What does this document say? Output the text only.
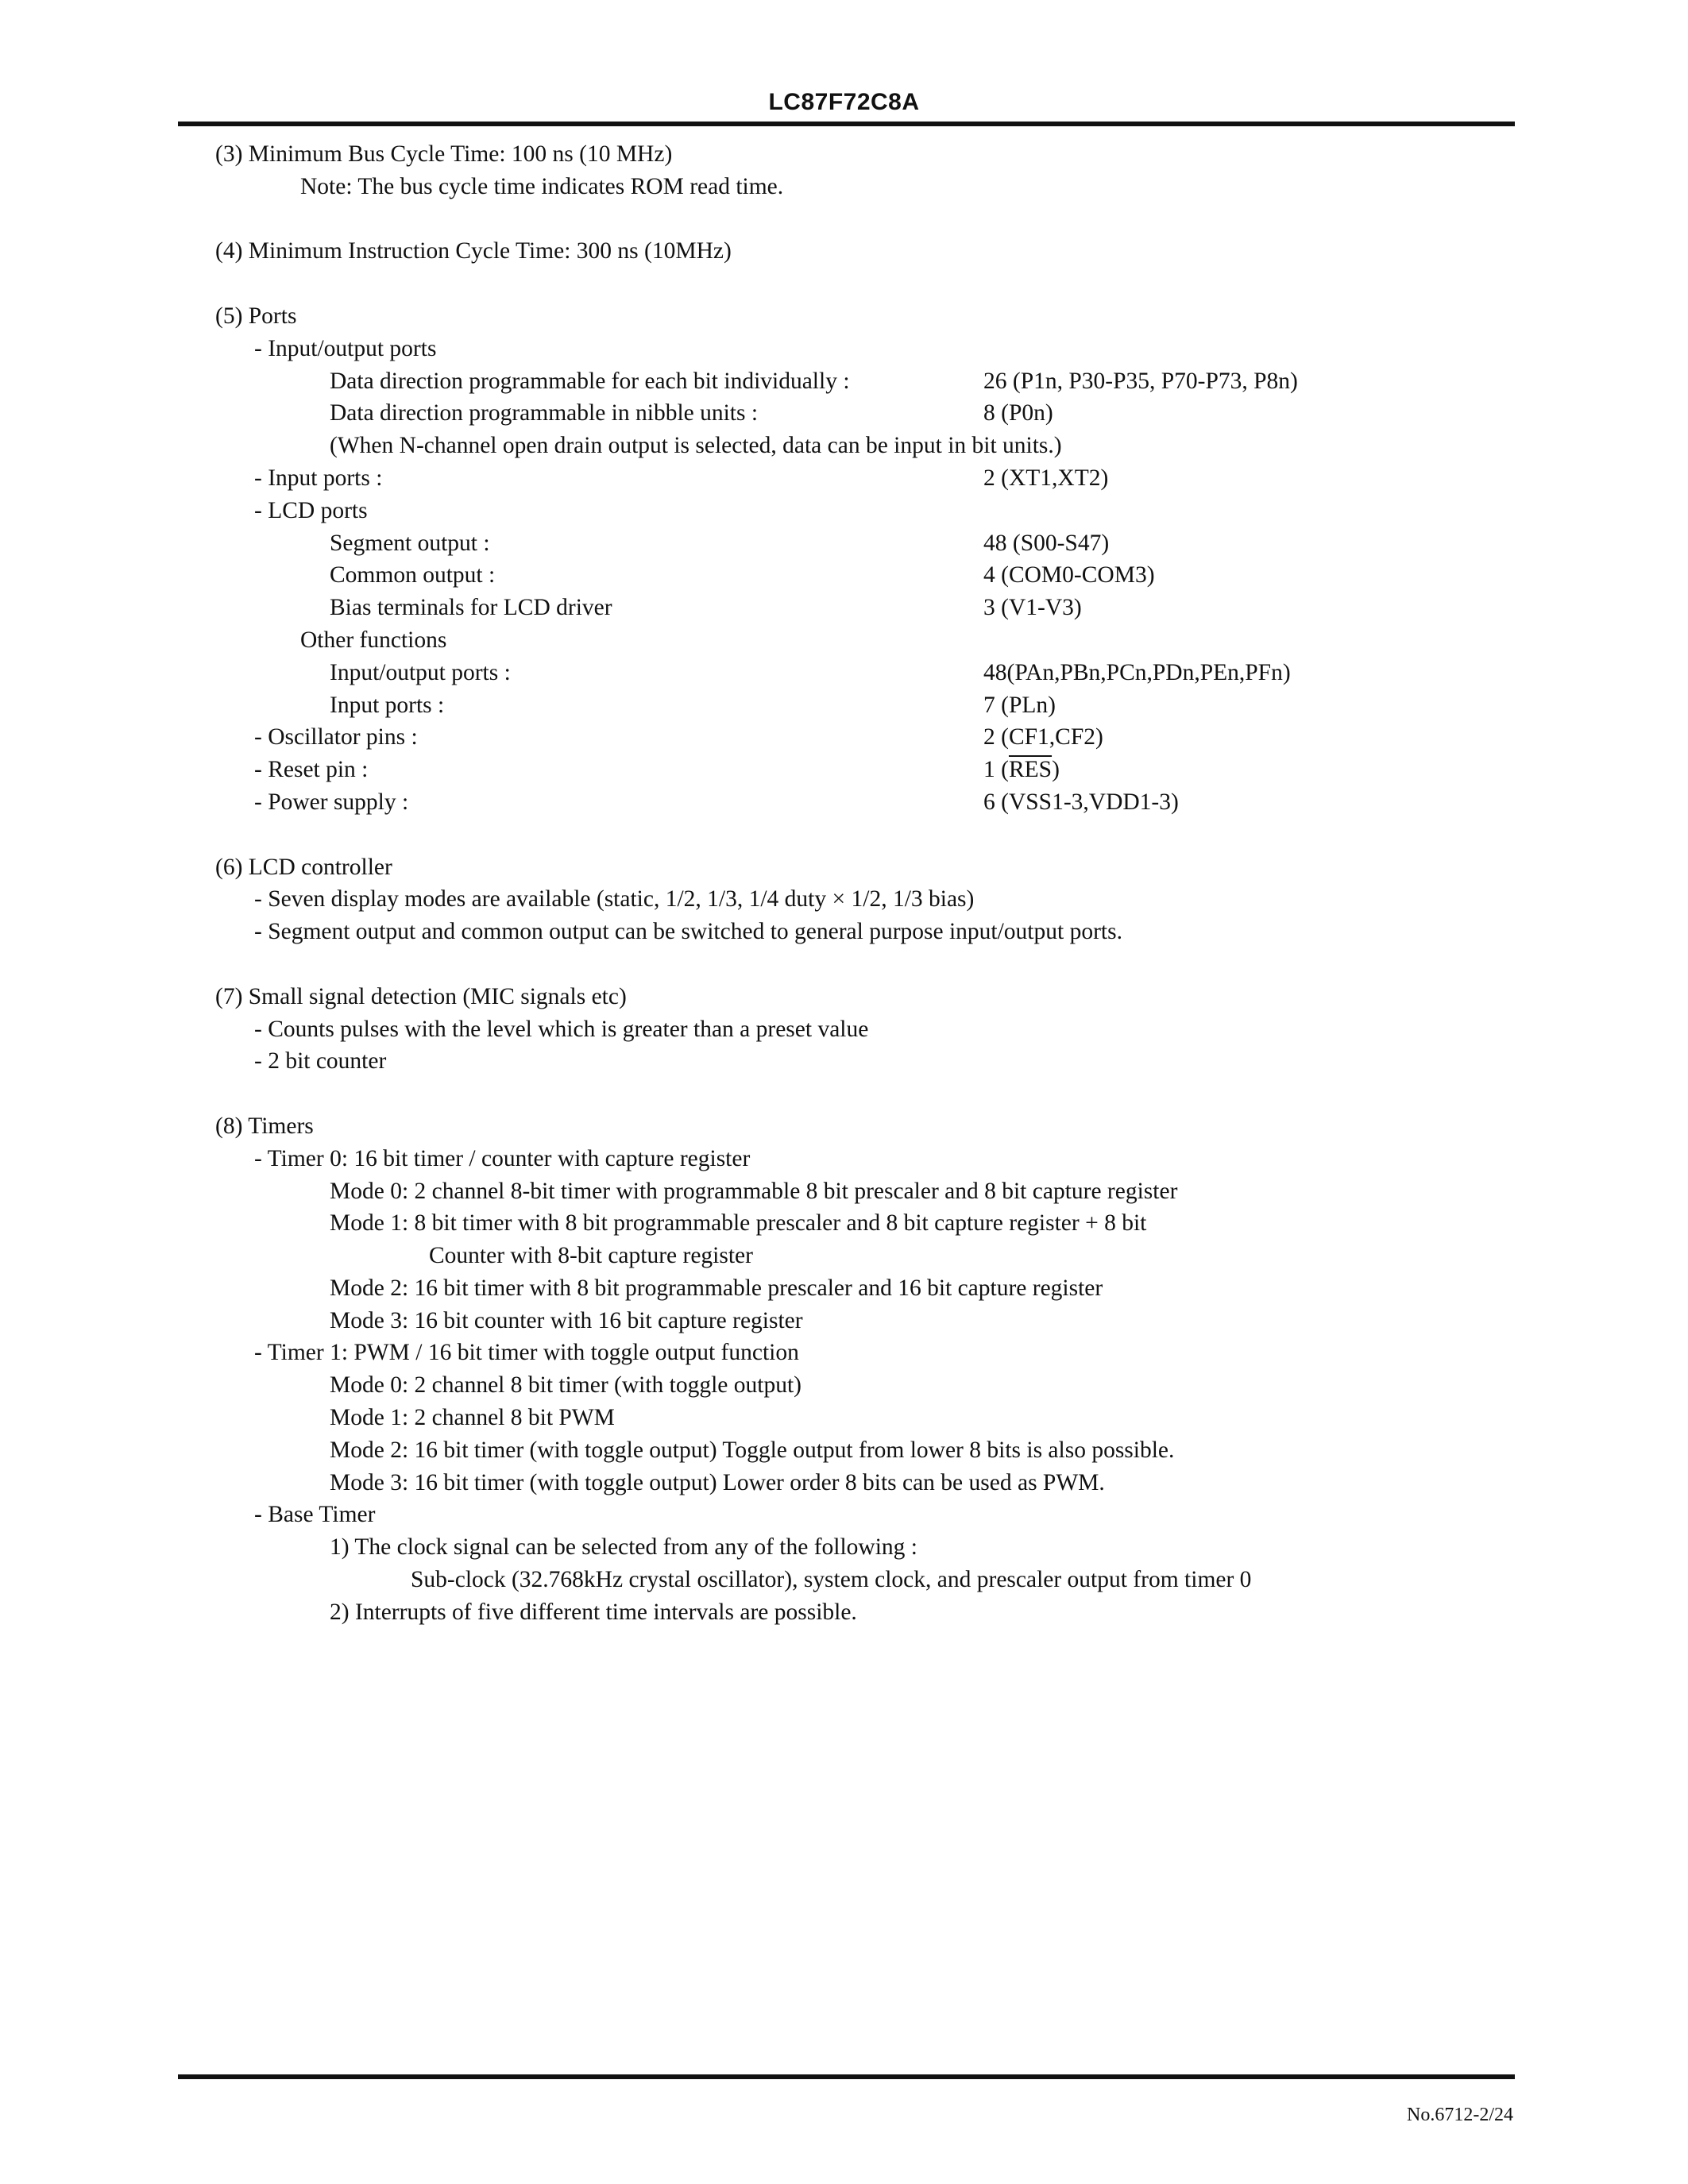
LC87F72C8A
(3) Minimum Bus Cycle Time: 100 ns (10 MHz)
Note: The bus cycle time indicates ROM read time.
(4) Minimum Instruction Cycle Time: 300 ns (10MHz)
(5) Ports
- Input/output ports
Data direction programmable for each bit individually :	26 (P1n, P30-P35, P70-P73, P8n)
Data direction programmable in nibble units :	8 (P0n)
(When N-channel open drain output is selected, data can be input in bit units.)
- Input ports :	2 (XT1,XT2)
- LCD ports
Segment output :	48 (S00-S47)
Common output :	4 (COM0-COM3)
Bias terminals for LCD driver	3 (V1-V3)
Other functions
Input/output ports :	48(PAn,PBn,PCn,PDn,PEn,PFn)
Input ports :	7 (PLn)
- Oscillator pins :	2 (CF1,CF2)
- Reset pin :	1 $(\overline{RES})$
- Power supply :	6 (VSS1-3,VDD1-3)
(6) LCD controller
- Seven display modes are available (static, 1/2, 1/3, 1/4 duty × 1/2, 1/3 bias)
- Segment output and common output can be switched to general purpose input/output ports.
(7) Small signal detection (MIC signals etc)
- Counts pulses with the level which is greater than a preset value
- 2 bit counter
(8) Timers
- Timer 0: 16 bit timer / counter with capture register
Mode 0: 2 channel 8-bit timer with programmable 8 bit prescaler and 8 bit capture register
Mode 1: 8 bit timer with 8 bit programmable prescaler and 8 bit capture register + 8 bit
Counter with 8-bit capture register
Mode 2: 16 bit timer with 8 bit programmable prescaler and 16 bit capture register
Mode 3: 16 bit counter with 16 bit capture register
- Timer 1: PWM / 16 bit timer with toggle output function
Mode 0: 2 channel 8 bit timer (with toggle output)
Mode 1: 2 channel 8 bit PWM
Mode 2: 16 bit timer (with toggle output) Toggle output from lower 8 bits is also possible.
Mode 3: 16 bit timer (with toggle output) Lower order 8 bits can be used as PWM.
- Base Timer
1) The clock signal can be selected from any of the following :
Sub-clock (32.768kHz crystal oscillator), system clock, and prescaler output from timer 0
2) Interrupts of five different time intervals are possible.
No.6712-2/24
